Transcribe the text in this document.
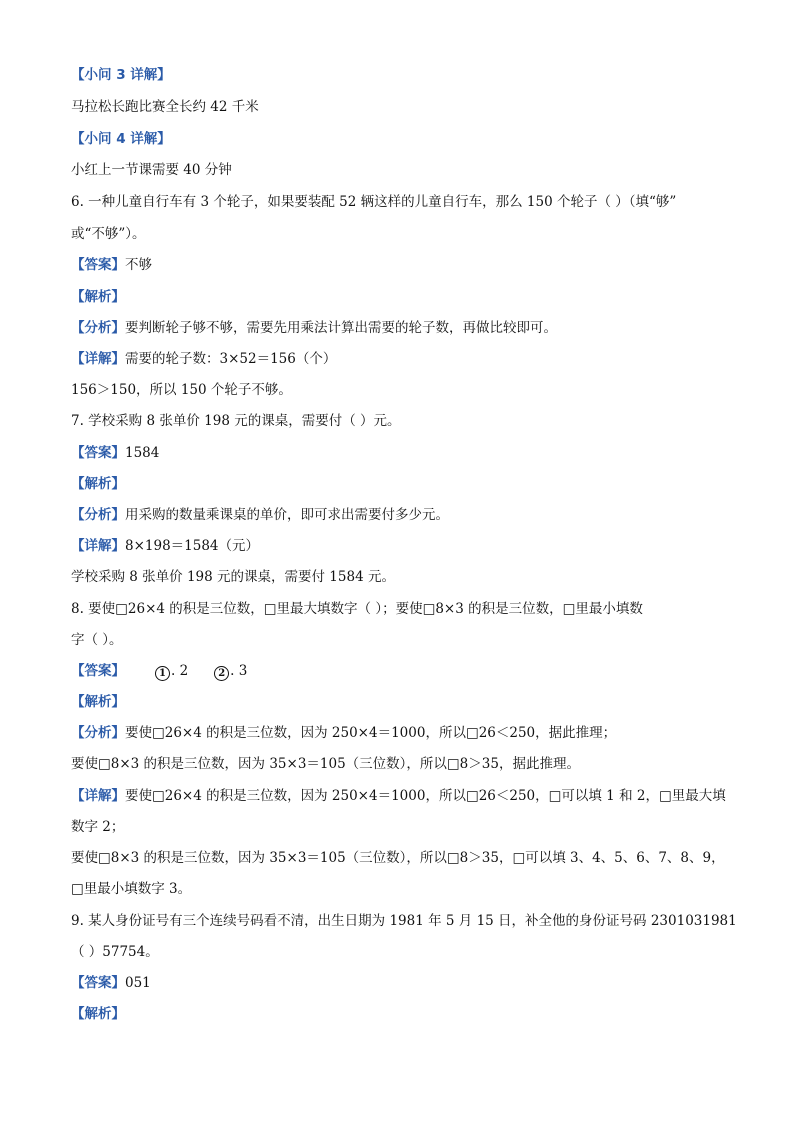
【小问 3 详解】
马拉松长跑比赛全长约 42 千米
【小问 4 详解】
小红上一节课需要 40 分钟
6. 一种儿童自行车有 3 个轮子，如果要装配 52 辆这样的儿童自行车，那么 150 个轮子（ ）（填“够”
或“不够”）。
【答案】不够
【解析】
【分析】要判断轮子够不够，需要先用乘法计算出需要的轮子数，再做比较即可。
【详解】需要的轮子数：3×52＝156（个）
156＞150，所以 150 个轮子不够。
7. 学校采购 8 张单价 198 元的课桌，需要付（ ）元。
【答案】1584
【解析】
【分析】用采购的数量乘课桌的单价，即可求出需要付多少元。
【详解】8×198＝1584（元）
学校采购 8 张单价 198 元的课桌，需要付 1584 元。
8. 要使□26×4 的积是三位数，□里最大填数字（ ）；要使□8×3 的积是三位数，□里最小填数
字（ ）。
【答案】	1 . 2	2 . 3
【解析】
【分析】要使□26×4 的积是三位数，因为 250×4＝1000，所以□26＜250，据此推理；
要使□8×3 的积是三位数，因为 35×3＝105（三位数），所以□8＞35，据此推理。
【详解】要使□26×4 的积是三位数，因为 250×4＝1000，所以□26＜250，□可以填 1 和 2，□里最大填
数字 2；
要使□8×3 的积是三位数，因为 35×3＝105（三位数），所以□8＞35，□可以填 3、4、5、6、7、8、9，
□里最小填数字 3。
9. 某人身份证号有三个连续号码看不清，出生日期为 1981 年 5 月 15 日，补全他的身份证号码 2301031981
（ ）57754。
【答案】051
【解析】
